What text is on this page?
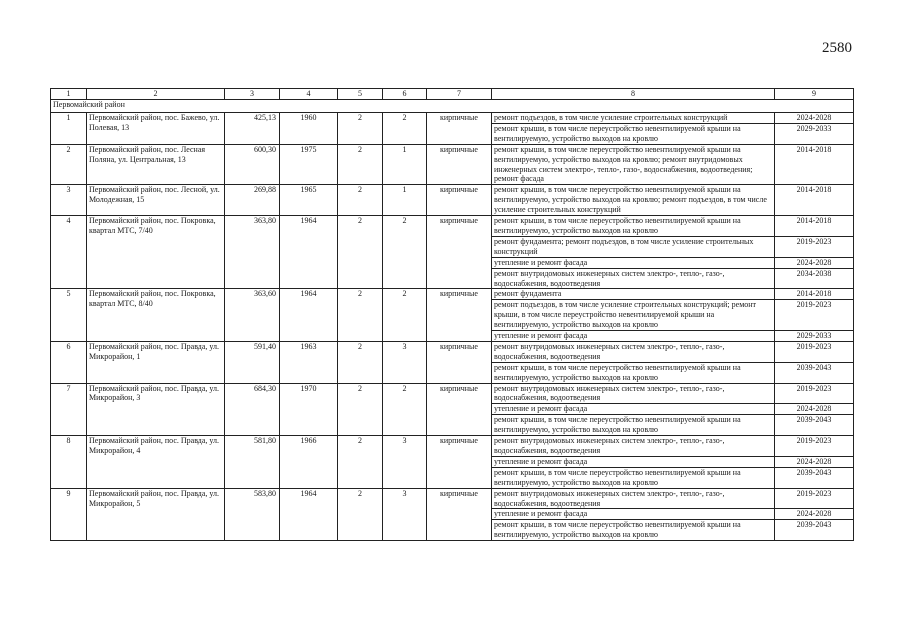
2580
1	2	3	4	5	6	7	8	9
Первомайский район								
1	Первомайский район, пос. Бажево, ул. Полевая, 13	425,13	1960	2	2	кирпичные	ремонт подъездов, в том числе усиление строительных конструкций	2024-2028
							ремонт крыши, в том числе переустройство невентилируемой крыши на вентилируемую, устройство выходов на кровлю	2029-2033
2	Первомайский район, пос. Лесная Поляна, ул. Центральная, 13	600,30	1975	2	1	кирпичные	ремонт крыши, в том числе переустройство невентилируемой крыши на вентилируемую, устройство выходов на кровлю; ремонт внутридомовых инженерных систем электро-, тепло-, газо-, водоснабжения, водоотведения; ремонт фасада	2014-2018
3	Первомайский район, пос. Лесной, ул. Молодежная, 15	269,88	1965	2	1	кирпичные	ремонт крыши, в том числе переустройство невентилируемой крыши на вентилируемую, устройство выходов на кровлю; ремонт подъездов, в том числе усиление строительных конструкций	2014-2018
4	Первомайский район, пос. Покровка, квартал МТС, 7/40	363,80	1964	2	2	кирпичные	ремонт крыши, в том числе переустройство невентилируемой крыши на вентилируемую, устройство выходов на кровлю	2014-2018
							ремонт фундамента; ремонт подъездов, в том числе усиление строительных конструкций	2019-2023
							утепление и ремонт фасада	2024-2028
							ремонт внутридомовых инженерных систем электро-, тепло-, газо-, водоснабжения, водоотведения	2034-2038
5	Первомайский район, пос. Покровка, квартал МТС, 8/40	363,60	1964	2	2	кирпичные	ремонт фундамента	2014-2018
							ремонт подъездов, в том числе усиление строительных конструкций; ремонт крыши, в том числе переустройство невентилируемой крыши на вентилируемую, устройство выходов на кровлю	2019-2023
							утепление и ремонт фасада	2029-2033
6	Первомайский район, пос. Правда, ул. Микрорайон, 1	591,40	1963	2	3	кирпичные	ремонт внутридомовых инженерных систем электро-, тепло-, газо-, водоснабжения, водоотведения	2019-2023
							ремонт крыши, в том числе переустройство невентилируемой крыши на вентилируемую, устройство выходов на кровлю	2039-2043
7	Первомайский район, пос. Правда, ул. Микрорайон, 3	684,30	1970	2	2	кирпичные	ремонт внутридомовых инженерных систем электро-, тепло-, газо-, водоснабжения, водоотведения	2019-2023
							утепление и ремонт фасада	2024-2028
							ремонт крыши, в том числе переустройство невентилируемой крыши на вентилируемую, устройство выходов на кровлю	2039-2043
8	Первомайский район, пос. Правда, ул. Микрорайон, 4	581,80	1966	2	3	кирпичные	ремонт внутридомовых инженерных систем электро-, тепло-, газо-, водоснабжения, водоотведения	2019-2023
							утепление и ремонт фасада	2024-2028
							ремонт крыши, в том числе переустройство невентилируемой крыши на вентилируемую, устройство выходов на кровлю	2039-2043
9	Первомайский район, пос. Правда, ул. Микрорайон, 5	583,80	1964	2	3	кирпичные	ремонт внутридомовых инженерных систем электро-, тепло-, газо-, водоснабжения, водоотведения	2019-2023
							утепление и ремонт фасада	2024-2028
							ремонт крыши, в том числе переустройство невентилируемой крыши на вентилируемую, устройство выходов на кровлю	2039-2043
